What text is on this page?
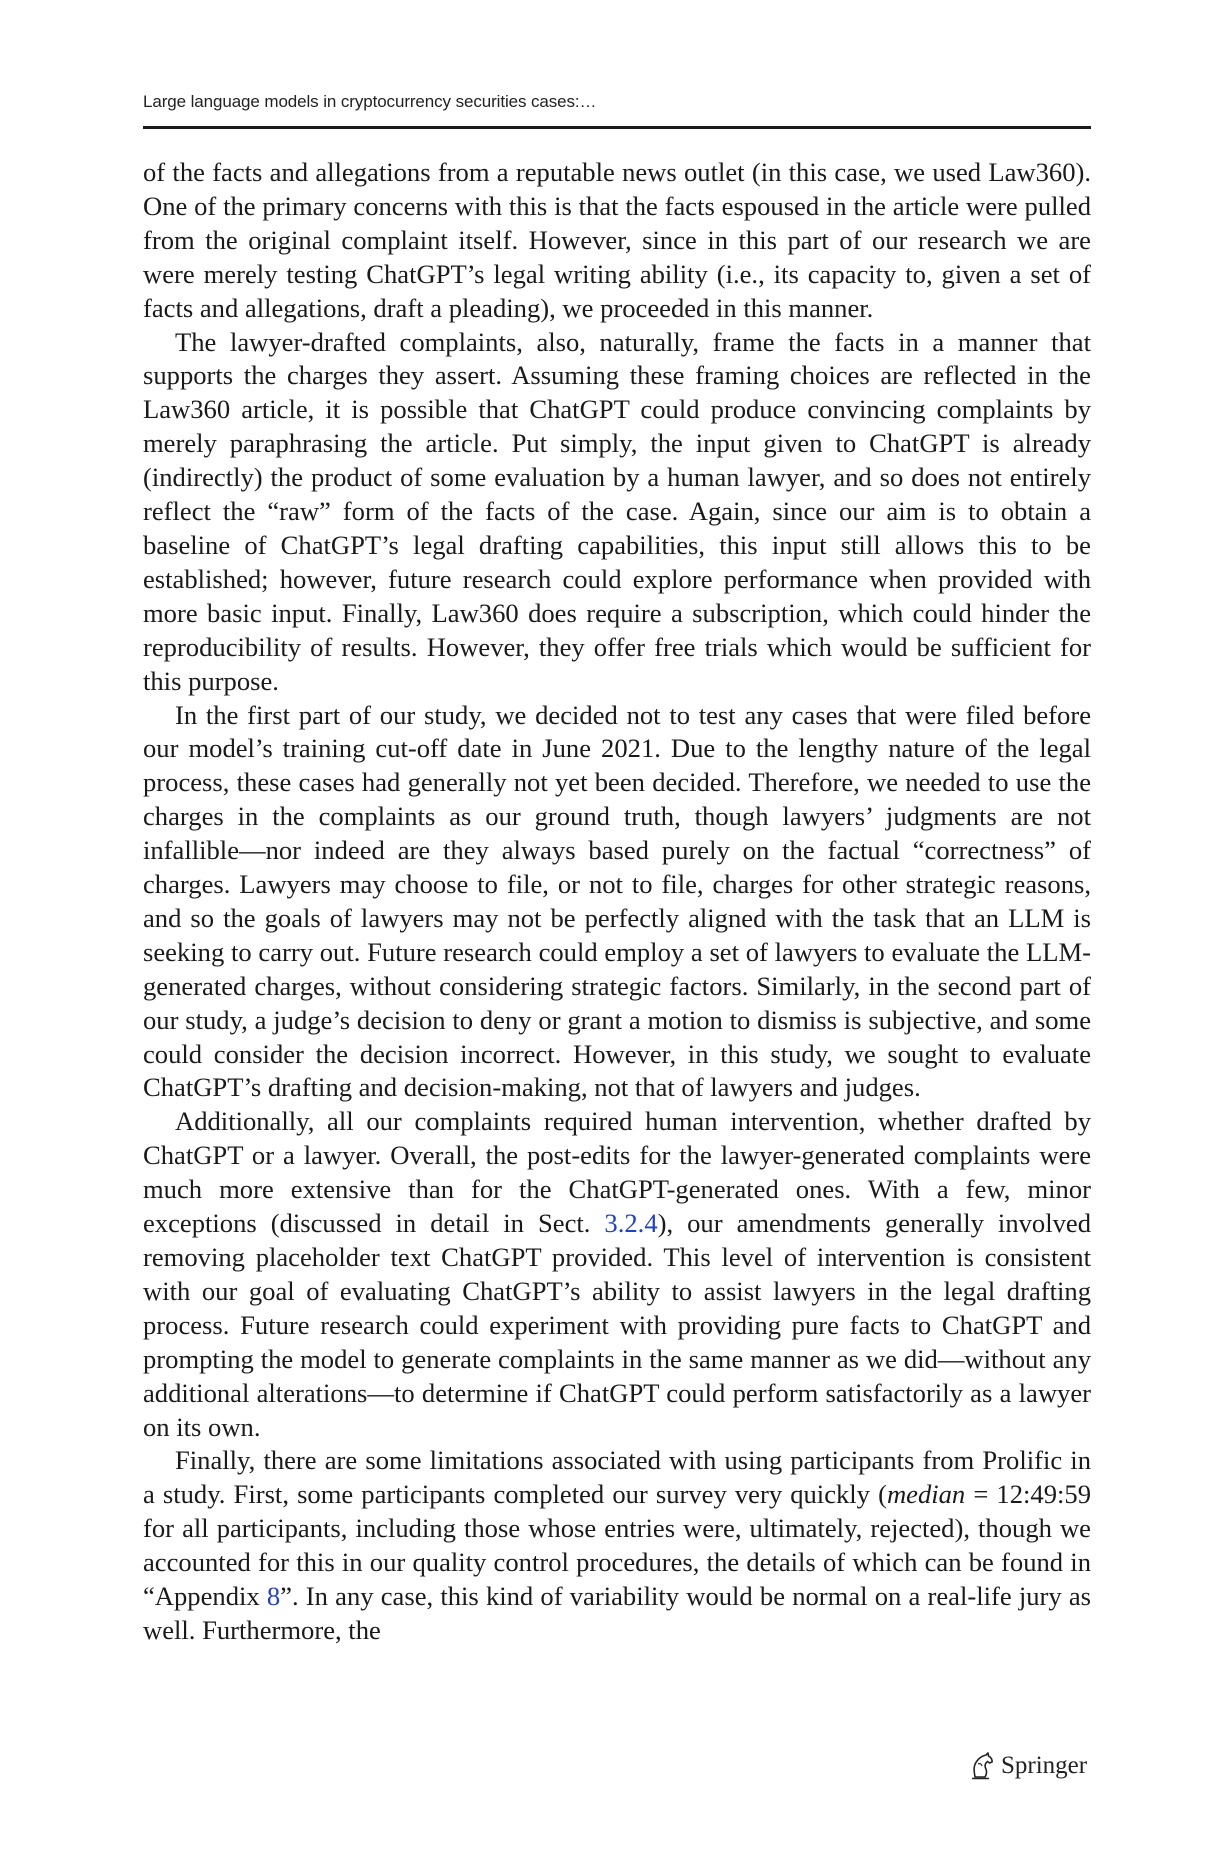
Large language models in cryptocurrency securities cases:…

of the facts and allegations from a reputable news outlet (in this case, we used Law360). One of the primary concerns with this is that the facts espoused in the article were pulled from the original complaint itself. However, since in this part of our research we are were merely testing ChatGPT’s legal writing ability (i.e., its capacity to, given a set of facts and allegations, draft a pleading), we proceeded in this manner.

The lawyer-drafted complaints, also, naturally, frame the facts in a manner that supports the charges they assert. Assuming these framing choices are reflected in the Law360 article, it is possible that ChatGPT could produce convincing complaints by merely paraphrasing the article. Put simply, the input given to ChatGPT is already (indirectly) the product of some evaluation by a human lawyer, and so does not entirely reflect the “raw” form of the facts of the case. Again, since our aim is to obtain a baseline of ChatGPT’s legal drafting capabilities, this input still allows this to be established; however, future research could explore performance when provided with more basic input. Finally, Law360 does require a subscription, which could hinder the reproducibility of results. However, they offer free trials which would be sufficient for this purpose.

In the first part of our study, we decided not to test any cases that were filed before our model’s training cut-off date in June 2021. Due to the lengthy nature of the legal process, these cases had generally not yet been decided. Therefore, we needed to use the charges in the complaints as our ground truth, though lawyers’ judgments are not infallible—nor indeed are they always based purely on the factual “correctness” of charges. Lawyers may choose to file, or not to file, charges for other strategic reasons, and so the goals of lawyers may not be perfectly aligned with the task that an LLM is seeking to carry out. Future research could employ a set of lawyers to evaluate the LLM-generated charges, without considering strategic factors. Similarly, in the second part of our study, a judge’s decision to deny or grant a motion to dismiss is subjective, and some could consider the decision incorrect. However, in this study, we sought to evaluate ChatGPT’s drafting and decision-making, not that of lawyers and judges.

Additionally, all our complaints required human intervention, whether drafted by ChatGPT or a lawyer. Overall, the post-edits for the lawyer-generated complaints were much more extensive than for the ChatGPT-generated ones. With a few, minor exceptions (discussed in detail in Sect. 3.2.4), our amendments generally involved removing placeholder text ChatGPT provided. This level of intervention is consistent with our goal of evaluating ChatGPT’s ability to assist lawyers in the legal drafting process. Future research could experiment with providing pure facts to ChatGPT and prompting the model to generate complaints in the same manner as we did—without any additional alterations—to determine if ChatGPT could perform satisfactorily as a lawyer on its own.

Finally, there are some limitations associated with using participants from Prolific in a study. First, some participants completed our survey very quickly (median = 12:49:59 for all participants, including those whose entries were, ultimately, rejected), though we accounted for this in our quality control procedures, the details of which can be found in “Appendix 8”. In any case, this kind of variability would be normal on a real-life jury as well. Furthermore, the

Springer
